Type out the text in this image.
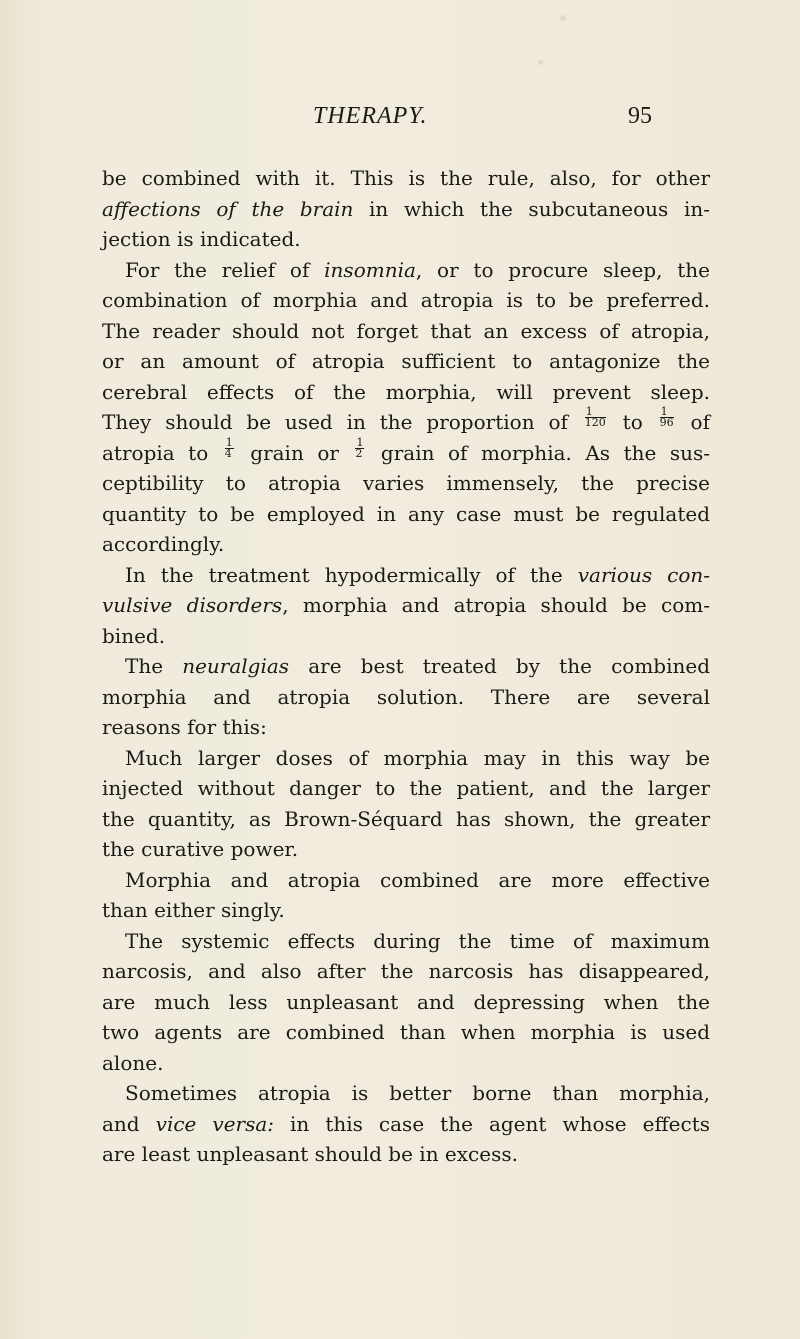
THERAPY.	95
be combined with it. This is the rule, also, for other
affections of the brain in which the subcutaneous in-
jection is indicated.
For the relief of insomnia, or to procure sleep, the
combination of morphia and atropia is to be preferred.
The reader should not forget that an excess of atropia,
or an amount of atropia sufficient to antagonize the
cerebral effects of the morphia, will prevent sleep.
They should be used in the proportion of $\frac{1}{120}$ to $\frac{1}{96}$ of
atropia to $\frac{1}{4}$ grain or $\frac{1}{2}$ grain of morphia. As the sus-
ceptibility to atropia varies immensely, the precise
quantity to be employed in any case must be regulated
accordingly.
In the treatment hypodermically of the various con-
vulsive disorders, morphia and atropia should be com-
bined.
The neuralgias are best treated by the combined
morphia and atropia solution. There are several
reasons for this:
Much larger doses of morphia may in this way be
injected without danger to the patient, and the larger
the quantity, as Brown-Séquard has shown, the greater
the curative power.
Morphia and atropia combined are more effective
than either singly.
The systemic effects during the time of maximum
narcosis, and also after the narcosis has disappeared,
are much less unpleasant and depressing when the
two agents are combined than when morphia is used
alone.
Sometimes atropia is better borne than morphia,
and vice versa: in this case the agent whose effects
are least unpleasant should be in excess.
